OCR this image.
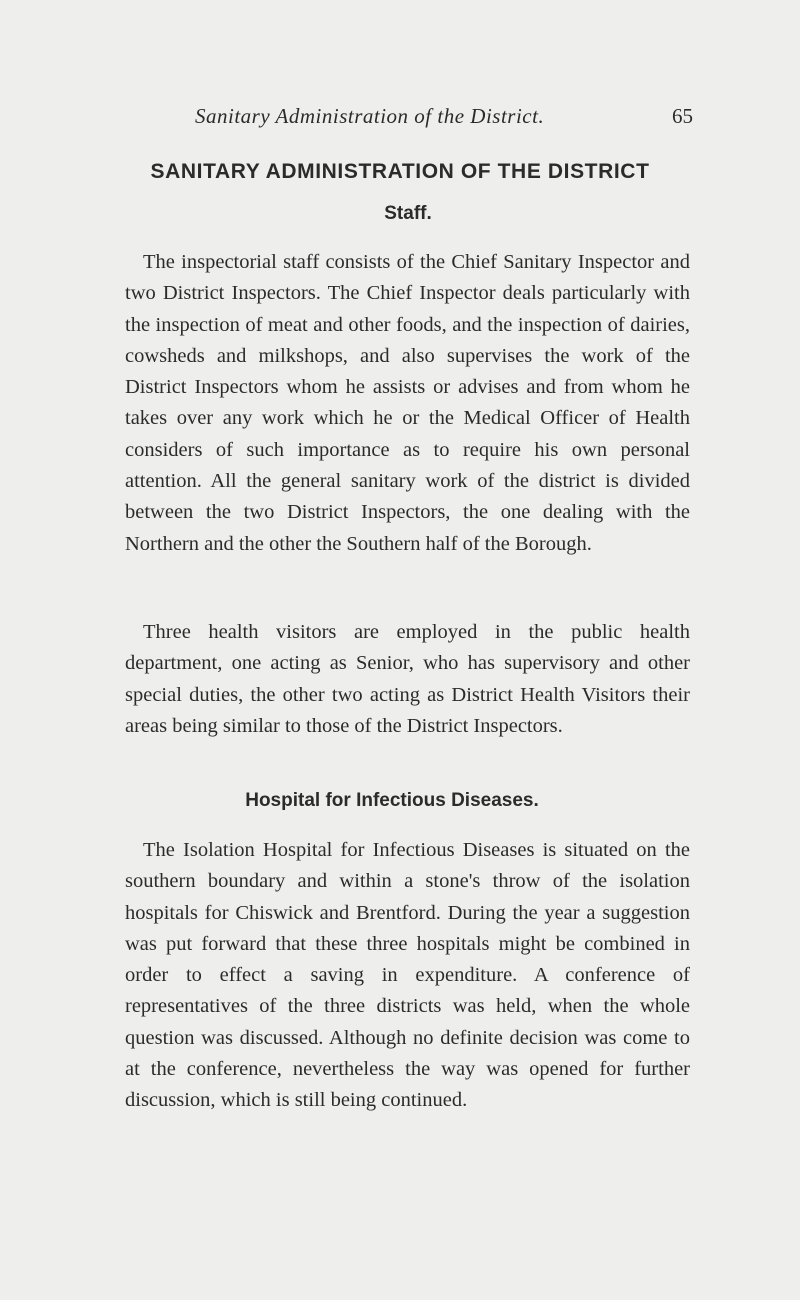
Sanitary Administration of the District.	65
SANITARY ADMINISTRATION OF THE DISTRICT
Staff.

The inspectorial staff consists of the Chief Sanitary Inspector and two District Inspectors. The Chief Inspector deals particularly with the inspection of meat and other foods, and the inspection of dairies, cowsheds and milkshops, and also supervises the work of the District Inspectors whom he assists or advises and from whom he takes over any work which he or the Medical Officer of Health considers of such importance as to require his own personal attention. All the general sanitary work of the district is divided between the two District Inspectors, the one dealing with the Northern and the other the Southern half of the Borough.

Three health visitors are employed in the public health department, one acting as Senior, who has supervisory and other special duties, the other two acting as District Health Visitors their areas being similar to those of the District Inspectors.

Hospital for Infectious Diseases.

The Isolation Hospital for Infectious Diseases is situated on the southern boundary and within a stone's throw of the isolation hospitals for Chiswick and Brentford. During the year a suggestion was put forward that these three hospitals might be combined in order to effect a saving in expenditure. A conference of representatives of the three districts was held, when the whole question was discussed. Although no definite decision was come to at the conference, nevertheless the way was opened for further discussion, which is still being continued.
